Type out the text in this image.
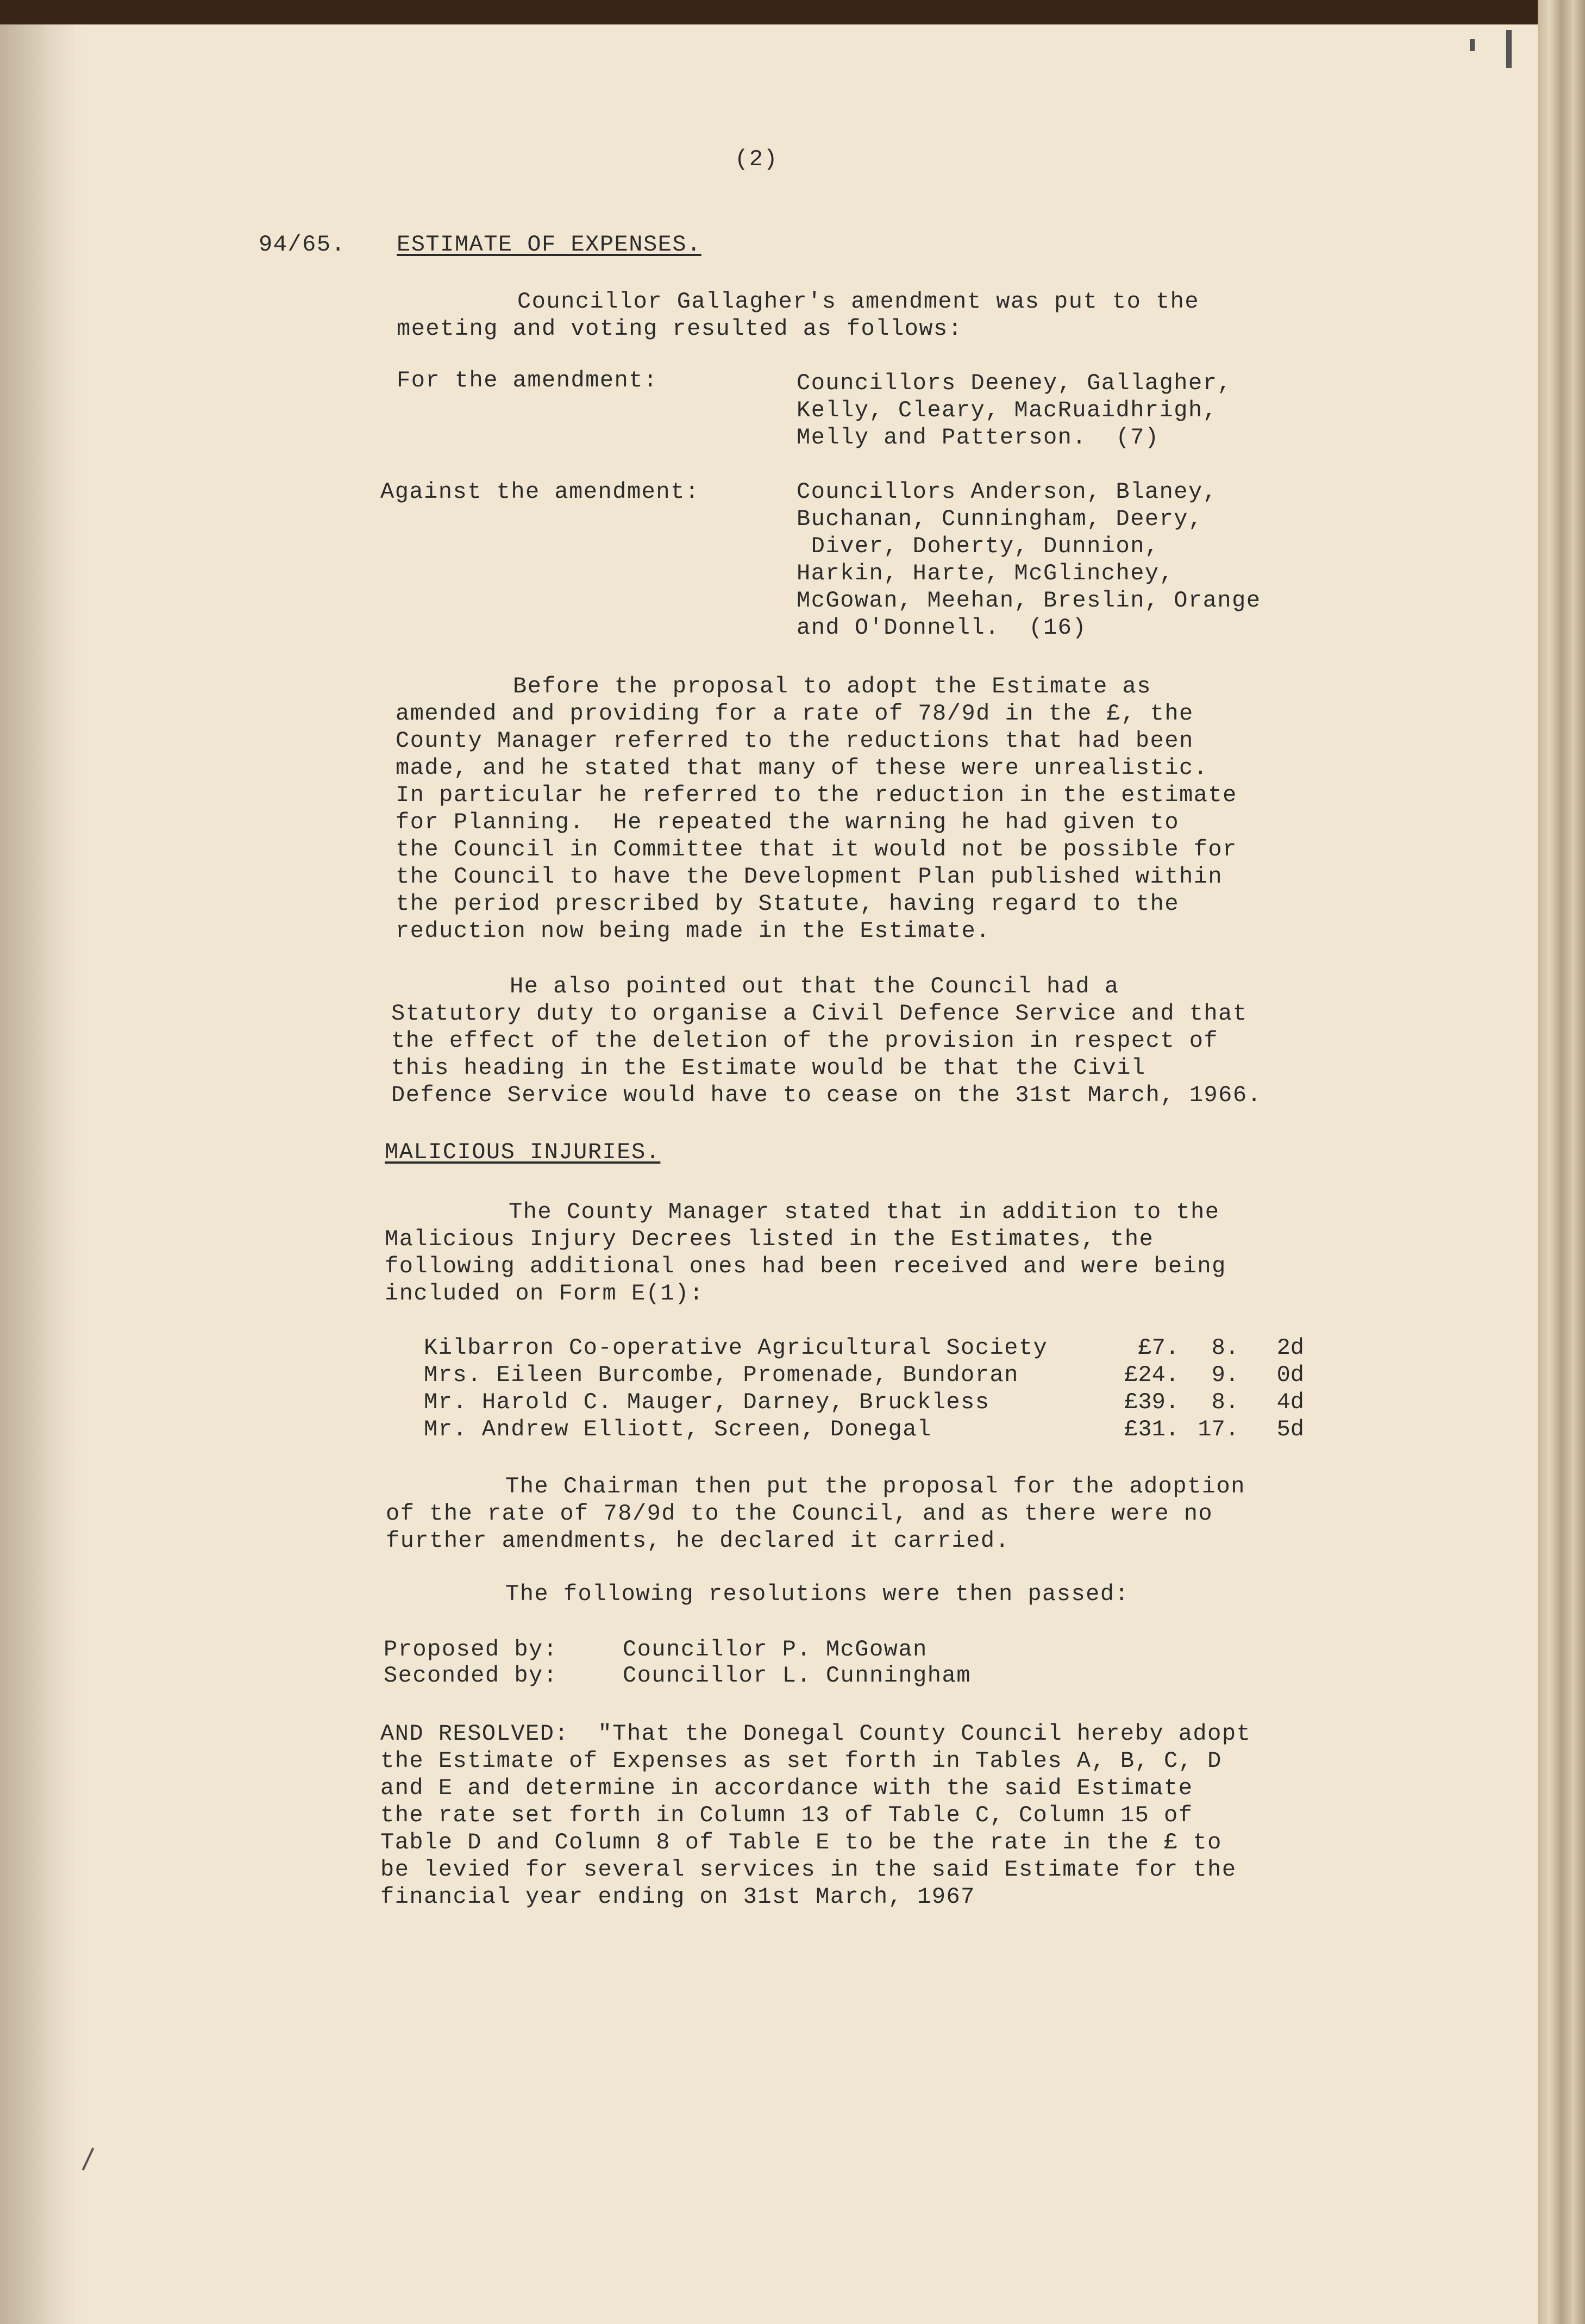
(2)

94/65. ESTIMATE OF EXPENSES.

Councillor Gallagher's amendment was put to the
meeting and voting resulted as follows:

For the amendment:	Councillors Deeney, Gallagher,
Kelly, Cleary, MacRuaidhrigh,
Melly and Patterson.  (7)

Against the amendment:	Councillors Anderson, Blaney,
Buchanan, Cunningham, Deery,
Diver, Doherty, Dunnion,
Harkin, Harte, McGlinchey,
McGowan, Meehan, Breslin, Orange
and O'Donnell.  (16)
Before the proposal to adopt the Estimate as
amended and providing for a rate of 78/9d in the £, the
County Manager referred to the reductions that had been
made, and he stated that many of these were unrealistic.
In particular he referred to the reduction in the estimate
for Planning.  He repeated the warning he had given to
the Council in Committee that it would not be possible for
the Council to have the Development Plan published within
the period prescribed by Statute, having regard to the
reduction now being made in the Estimate.
He also pointed out that the Council had a
Statutory duty to organise a Civil Defence Service and that
the effect of the deletion of the provision in respect of
this heading in the Estimate would be that the Civil
Defence Service would have to cease on the 31st March, 1966.

MALICIOUS INJURIES.

The County Manager stated that in addition to the
Malicious Injury Decrees listed in the Estimates, the
following additional ones had been received and were being
included on Form E(1):

Kilbarron Co-operative Agricultural Society	£7.	8.	2d

Mrs. Eileen Burcombe, Promenade, Bundoran	£24.	9.	0d

Mr. Harold C. Mauger, Darney, Bruckless	£39.	8.	4d

Mr. Andrew Elliott, Screen, Donegal	£31. 17.	5d

The Chairman then put the proposal for the adoption
of the rate of 78/9d to the Council, and as there were no
further amendments, he declared it carried.

The following resolutions were then passed:

Proposed by:	Councillor P. McGowan

Seconded by:	Councillor L. Cunningham

AND RESOLVED:  "That the Donegal County Council hereby adopt
the Estimate of Expenses as set forth in Tables A, B, C, D
and E and determine in accordance with the said Estimate
the rate set forth in Column 13 of Table C, Column 15 of
Table D and Column 8 of Table E to be the rate in the £ to
be levied for several services in the said Estimate for the
financial year ending on 31st March, 1967
